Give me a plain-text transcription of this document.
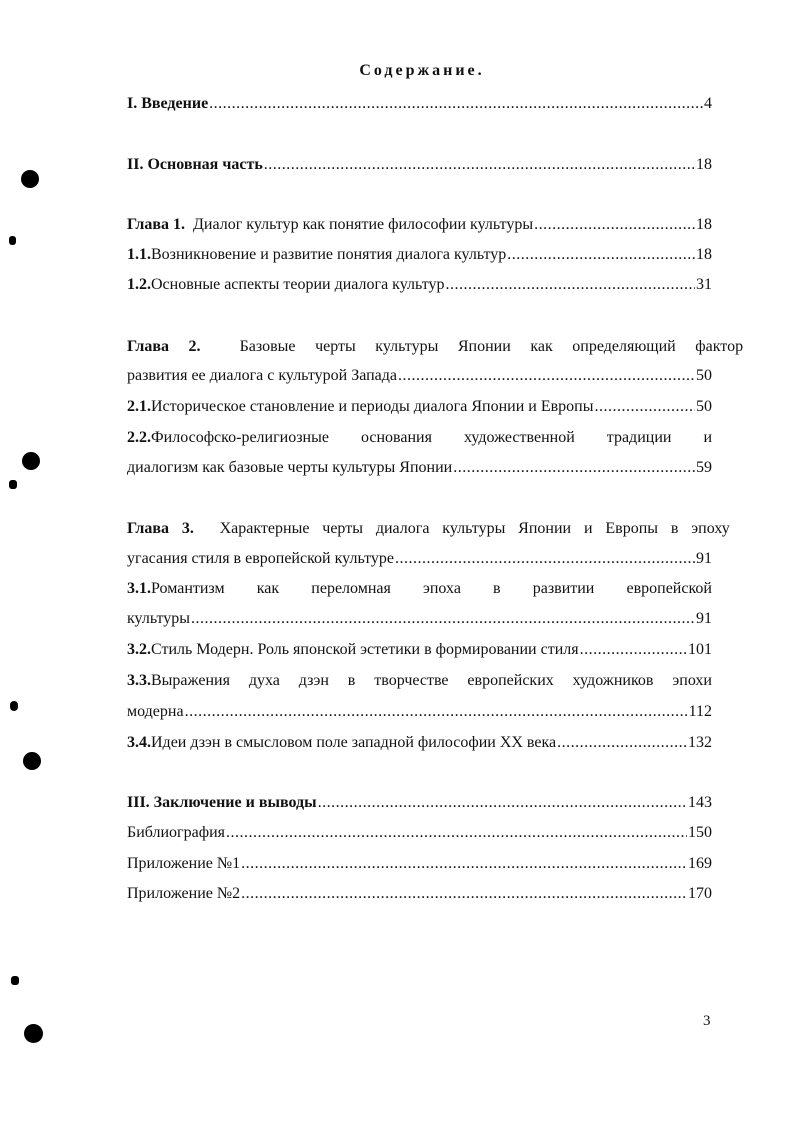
Содержание.
I. Введение .....	4
II. Основная часть .....	18
Глава 1.
Диалог культур как понятие философии культуры .....	18
1.1. Возникновение и развитие понятия диалога культур .....	18
1.2. Основные аспекты теории диалога культур .....	31
Глава 2. Базовые черты культуры Японии как определяющий фактор
развития ее диалога с культурой Запада .....	50
2.1. Историческое становление и периоды диалога Японии и Европы .....	50
2.2.Философско-религиозные основания художественной традиции и
диалогизм как базовые черты культуры Японии .....	59
Глава 3. Характерные черты диалога культуры Японии и Европы в эпоху
угасания стиля в европейской культуре .....	91
3.1.Романтизм как переломная эпоха в развитии европейской
культуры .....	91
3.2. Стиль Модерн. Роль японской эстетики в формировании стиля .....	101
3.3.Выражения духа дзэн в творчестве европейских художников эпохи
модерна .....	112
3.4. Идеи дзэн в смысловом поле западной философии XX века .....	132
III. Заключение и выводы .....	143
Библиография .....	150
Приложение №1 .....	169
Приложение №2 .....	170
3
